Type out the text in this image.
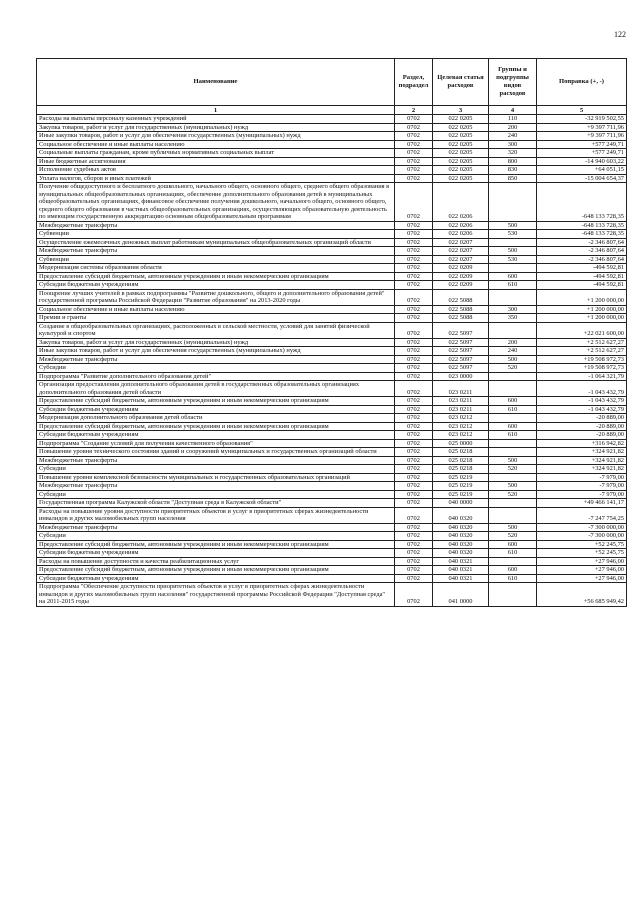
122
Наименование	Раздел, подраздел	Целевая статья расходов	Группы и подгруппы видов расходов	Поправка (+, -)
1	2	3	4	5
Расходы на выплаты персоналу казенных учреждений	0702	022 0205	110	-32 919 502,55
Закупка товаров, работ и услуг для государственных (муниципальных) нужд	0702	022 0205	200	+9 397 711,96
Иные закупки товаров, работ и услуг для обеспечения государственных (муниципальных) нужд	0702	022 0205	240	+9 397 711,96
Социальное обеспечение и иные выплаты населению	0702	022 0205	300	+577 249,71
Социальные выплаты гражданам, кроме публичных нормативных социальных выплат	0702	022 0205	320	+577 249,71
Иные бюджетные ассигнования	0702	022 0205	800	-14 940 603,22
Исполнение судебных актов	0702	022 0205	830	+64 051,15
Уплата налогов, сборов и иных платежей	0702	022 0205	850	-15 004 654,37
Получение общедоступного и бесплатного дошкольного, начального общего, основного общего, среднего общего образования в муниципальных общеобразовательных организациях, обеспечение дополнительного образования детей в муниципальных общеобразовательных организациях, финансовое обеспечение получения дошкольного, начального общего, основного общего, среднего общего образования в частных общеобразовательных организациях, осуществляющих образовательную деятельность по имеющим государственную аккредитацию основным общеобразовательным программам	0702	022 0206		-648 133 728,35
Межбюджетные трансферты	0702	022 0206	500	-648 133 728,35
Субвенции	0702	022 0206	530	-648 133 728,35
Осуществление ежемесячных денежных выплат работникам муниципальных общеобразовательных организаций области	0702	022 0207		-2 346 807,64
Межбюджетные трансферты	0702	022 0207	500	-2 346 807,64
Субвенции	0702	022 0207	530	-2 346 807,64
Модернизация системы образования области	0702	022 0209		-494 592,81
Предоставление субсидий бюджетным, автономным учреждениям и иным некоммерческим организациям	0702	022 0209	600	-494 592,81
Субсидии бюджетным учреждениям	0702	022 0209	610	-494 592,81
Поощрение лучших учителей в рамках подпрограммы "Развитие дошкольного, общего и дополнительного образования детей" государственной программы Российской Федерации "Развитие образования" на 2013-2020 годы	0702	022 5088		+1 200 000,00
Социальное обеспечение и иные выплаты населению	0702	022 5088	300	+1 200 000,00
Премии и гранты	0702	022 5088	350	+1 200 000,00
Создание в общеобразовательных организациях, расположенных в сельской местности, условий для занятий физической культурой и спортом	0702	022 5097		+22 021 600,00
Закупка товаров, работ и услуг для государственных (муниципальных) нужд	0702	022 5097	200	+2 512 627,27
Иные закупки товаров, работ и услуг для обеспечения государственных (муниципальных) нужд	0702	022 5097	240	+2 512 627,27
Межбюджетные трансферты	0702	022 5097	500	+19 508 972,73
Субсидии	0702	022 5097	520	+19 508 972,73
Подпрограмма "Развитие дополнительного образования детей"	0702	023 0000		-1 064 321,79
Организация предоставления дополнительного образования детей в государственных образовательных организациях дополнительного образования детей области	0702	023 0211		-1 043 432,79
Предоставление субсидий бюджетным, автономным учреждениям и иным некоммерческим организациям	0702	023 0211	600	-1 043 432,79
Субсидии бюджетным учреждениям	0702	023 0211	610	-1 043 432,79
Модернизация дополнительного образования детей области	0702	023 0212		-20 889,00
Предоставление субсидий бюджетным, автономным учреждениям и иным некоммерческим организациям	0702	023 0212	600	-20 889,00
Субсидии бюджетным учреждениям	0702	023 0212	610	-20 889,00
Подпрограмма "Создание условий для получения качественного образования"	0702	025 0000		+316 942,82
Повышение уровня технического состояния зданий и сооружений муниципальных и государственных организаций области	0702	025 0218		+324 921,82
Межбюджетные трансферты	0702	025 0218	500	+324 921,82
Субсидии	0702	025 0218	520	+324 921,82
Повышение уровня комплексной безопасности муниципальных и государственных образовательных организаций	0702	025 0219		-7 979,00
Межбюджетные трансферты	0702	025 0219	500	-7 979,00
Субсидии	0702	025 0219	520	-7 979,00
Государственная программа Калужской области "Доступная среда в Калужской области"	0702	040 0000		+49 466 141,17
Расходы на повышение уровня доступности приоритетных объектов и услуг в приоритетных сферах жизнедеятельности инвалидов и других маломобильных групп населения	0702	040 0320		-7 247 754,25
Межбюджетные трансферты	0702	040 0320	500	-7 300 000,00
Субсидии	0702	040 0320	520	-7 300 000,00
Предоставление субсидий бюджетным, автономным учреждениям и иным некоммерческим организациям	0702	040 0320	600	+52 245,75
Субсидии бюджетным учреждениям	0702	040 0320	610	+52 245,75
Расходы на повышение доступности и качества реабилитационных услуг	0702	040 0321		+27 946,00
Предоставление субсидий бюджетным, автономным учреждениям и иным некоммерческим организациям	0702	040 0321	600	+27 946,00
Субсидии бюджетным учреждениям	0702	040 0321	610	+27 946,00
Подпрограмма "Обеспечение доступности приоритетных объектов и услуг в приоритетных сферах жизнедеятельности инвалидов и других маломобильных групп населения" государственной программы Российской Федерации "Доступная среда" на 2011-2015 годы	0702	041 0000		+56 685 949,42
